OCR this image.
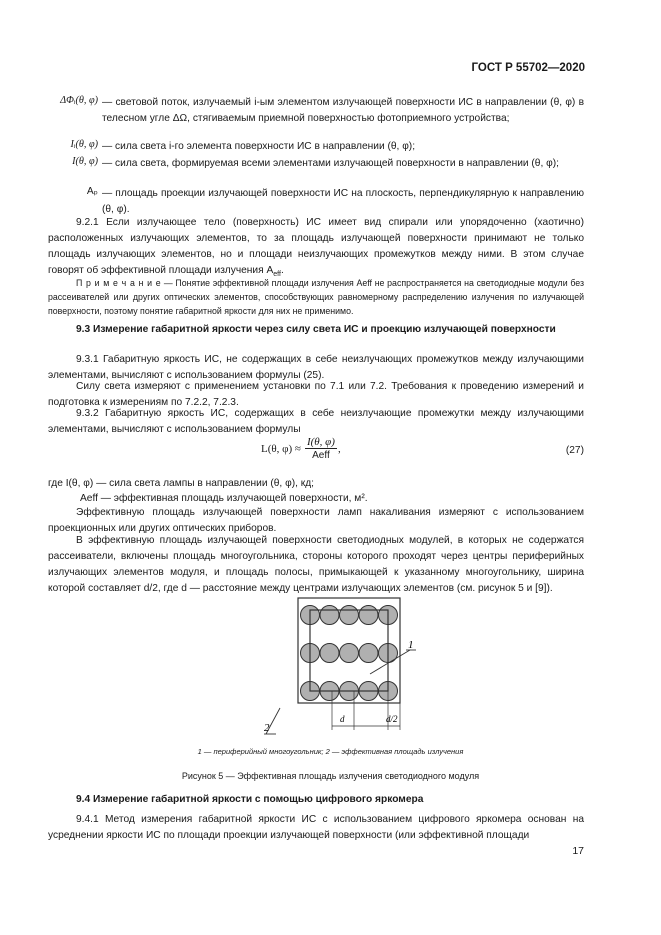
ГОСТ Р 55702—2020
ΔΦᵢ(θ, φ) — световой поток, излучаемый i-ым элементом излучающей поверхности ИС в направлении (θ, φ) в телесном угле ΔΩ, стягиваемым приемной поверхностью фотоприемного устройства;
Iᵢ(θ, φ) — сила света i-го элемента поверхности ИС в направлении (θ, φ);
I(θ, φ) — сила света, формируемая всеми элементами излучающей поверхности в направлении (θ, φ);
Aₚ — площадь проекции излучающей поверхности ИС на плоскость, перпендикулярную к направлению (θ, φ).
9.2.1 Если излучающее тело (поверхность) ИС имеет вид спирали или упорядоченно (хаотично) расположенных излучающих элементов, то за площадь излучающей поверхности принимают не только площадь излучающих элементов, но и площади неизлучающих промежутков между ними. В этом случае говорят об эффективной площади излучения $A_{eff}$.
П р и м е ч а н и е — Понятие эффективной площади излучения Aeff не распространяется на светодиодные модули без рассеивателей или других оптических элементов, способствующих равномерному распределению излучения по излучающей поверхности, поэтому понятие габаритной яркости для них не применимо.
9.3 Измерение габаритной яркости через силу света ИС и проекцию излучающей поверхности
9.3.1 Габаритную яркость ИС, не содержащих в себе неизлучающих промежутков между излучающими элементами, вычисляют с использованием формулы (25).
Силу света измеряют с применением установки по 7.1 или 7.2. Требования к проведению измерений и подготовка к измерениям по 7.2.2, 7.2.3.
9.3.2 Габаритную яркость ИС, содержащих в себе неизлучающие промежутки между излучающими элементами, вычисляют с использованием формулы
L(θ, φ) ≈	I(θ, φ)	,
Aeff	(27)
где I(θ, φ) — сила света лампы в направлении (θ, φ), кд;
Aeff — эффективная площадь излучающей поверхности, м².
Эффективную площадь излучающей поверхности ламп накаливания измеряют с использованием проекционных или других оптических приборов.
В эффективную площадь излучающей поверхности светодиодных модулей, в которых не содержатся рассеиватели, включены площадь многоугольника, стороны которого проходят через центры периферийных излучающих элементов модуля, и площадь полосы, примыкающей к указанному многоугольнику, ширина которой составляет d/2, где d — расстояние между центрами излучающих элементов (см. рисунок 5 и [9]).
1
2
d	d/2
1 — периферийный многоугольник; 2 — эффективная площадь излучения
Рисунок 5 — Эффективная площадь излучения светодиодного модуля
9.4 Измерение габаритной яркости с помощью цифрового яркомера
9.4.1 Метод измерения габаритной яркости ИС с использованием цифрового яркомера основан на усреднении яркости ИС по площади проекции излучающей поверхности (или эффективной площади
17
